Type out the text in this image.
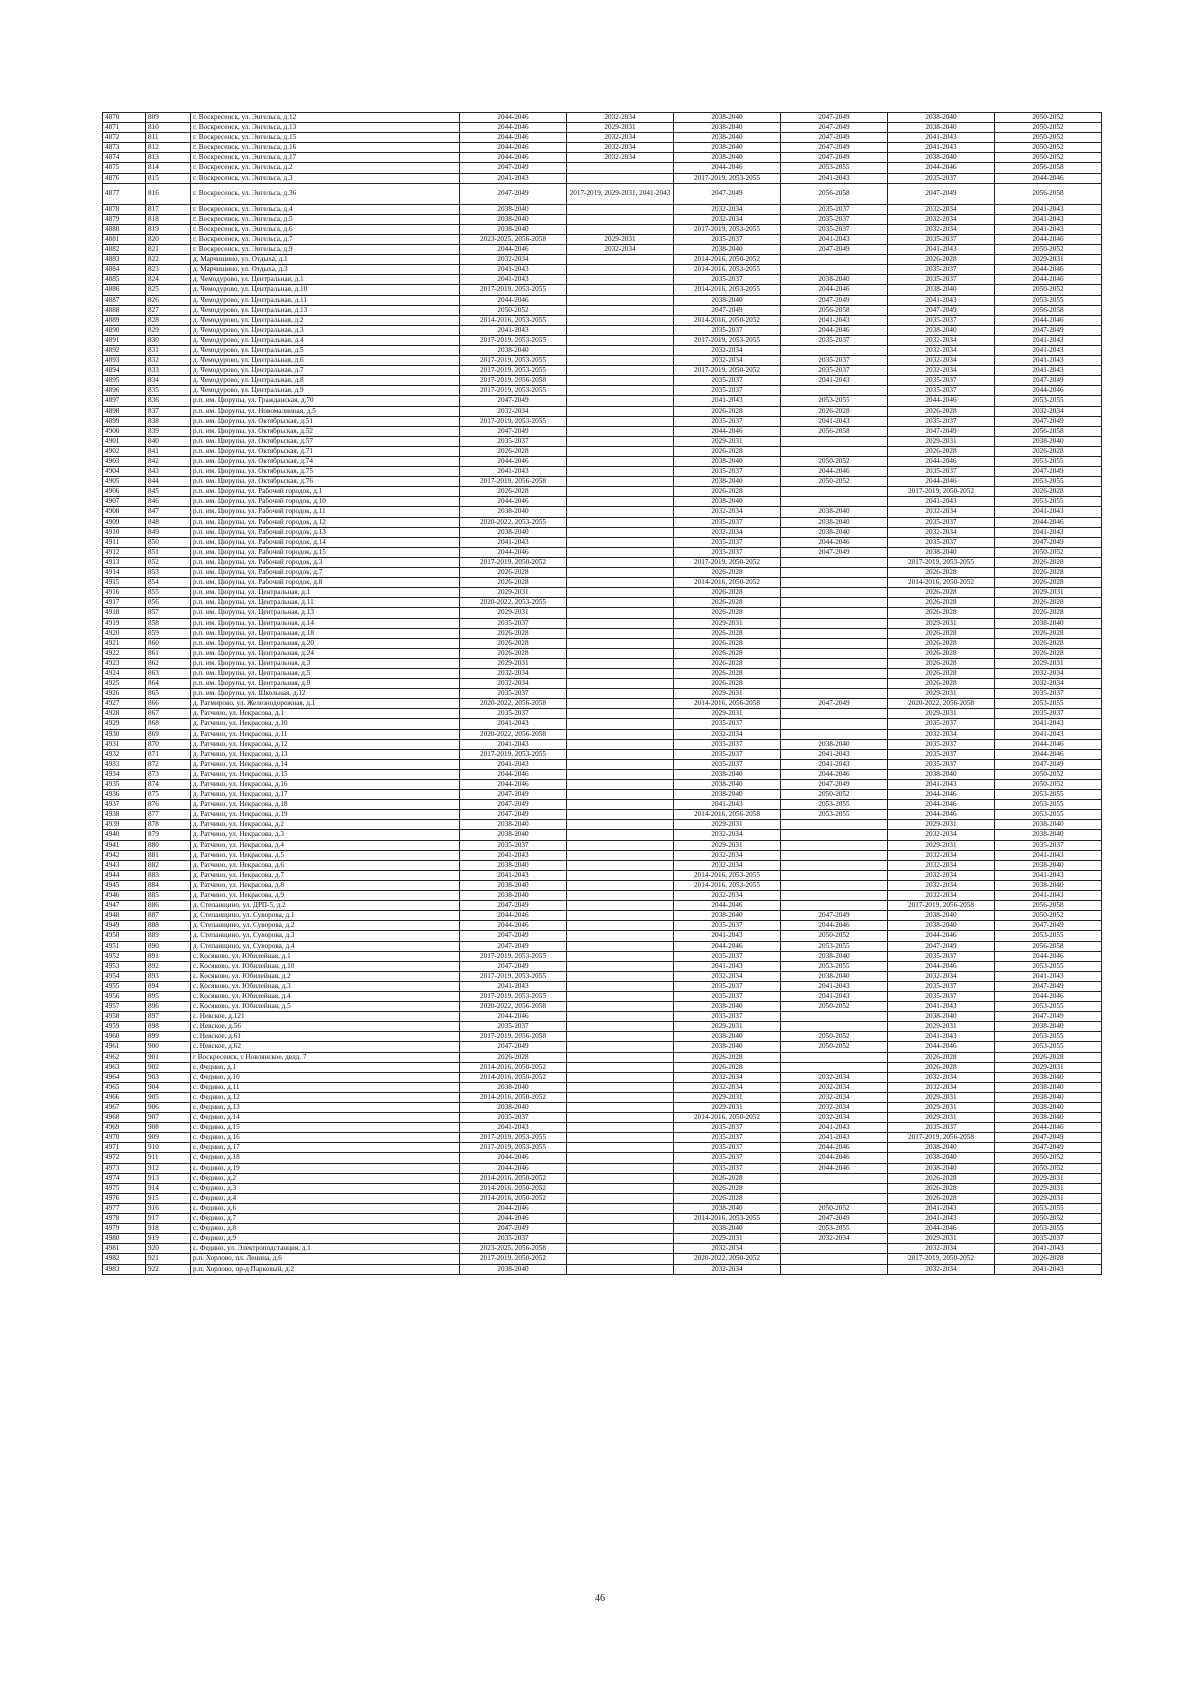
4870	809	г. Воскресенск, ул. Энгельса, д.12	2044-2046	2032-2034	2038-2040	2047-2049	2038-2040	2050-2052
4871	810	г. Воскресенск, ул. Энгельса, д.13	2044-2046	2029-2031	2038-2040	2047-2049	2038-2040	2050-2052
4872	811	г. Воскресенск, ул. Энгельса, д.15	2044-2046	2032-2034	2038-2040	2047-2049	2041-2043	2050-2052
4873	812	г. Воскресенск, ул. Энгельса, д.16	2044-2046	2032-2034	2038-2040	2047-2049	2041-2043	2050-2052
4874	813	г. Воскресенск, ул. Энгельса, д.17	2044-2046	2032-2034	2038-2040	2047-2049	2038-2040	2050-2052
4875	814	г. Воскресенск, ул. Энгельса, д.2	2047-2049		2044-2046	2053-2055	2044-2046	2056-2058
4876	815	г. Воскресенск, ул. Энгельса, д.3	2041-2043		2017-2019, 2053-2055	2041-2043	2035-2037	2044-2046
4877	816	г. Воскресенск, ул. Энгельса, д.36	2047-2049	2017-2019, 2029-2031, 2041-2043	2047-2049	2056-2058	2047-2049	2056-2058
4878	817	г. Воскресенск, ул. Энгельса, д.4	2038-2040		2032-2034	2035-2037	2032-2034	2041-2043
4879	818	г. Воскресенск, ул. Энгельса, д.5	2038-2040		2032-2034	2035-2037	2032-2034	2041-2043
4880	819	г. Воскресенск, ул. Энгельса, д.6	2038-2040		2017-2019, 2053-2055	2035-2037	2032-2034	2041-2043
4881	820	г. Воскресенск, ул. Энгельса, д.7	2023-2025, 2056-2058	2029-2031	2035-2037	2041-2043	2035-2037	2044-2046
4882	821	г. Воскресенск, ул. Энгельса, д.9	2044-2046	2032-2034	2038-2040	2047-2049	2041-2043	2050-2052
4883	822	д. Марчишино, ул. Отдыха, д.1	2032-2034		2014-2016, 2050-2052		2026-2028	2029-2031
4884	823	д. Марчишино, ул. Отдыха, д.3	2041-2043		2014-2016, 2053-2055		2035-2037	2044-2046
4885	824	д. Чемодурово, ул. Центральная, д.1	2041-2043		2035-2037	2038-2040	2035-2037	2044-2046
4886	825	д. Чемодурово, ул. Центральная, д.10	2017-2019, 2053-2055		2014-2016, 2053-2055	2044-2046	2038-2040	2050-2052
4887	826	д. Чемодурово, ул. Центральная, д.11	2044-2046		2038-2040	2047-2049	2041-2043	2053-2055
4888	827	д. Чемодурово, ул. Центральная, д.13	2050-2052		2047-2049	2056-2058	2047-2049	2056-2058
4889	828	д. Чемодурово, ул. Центральная, д.2	2014-2016, 2053-2055		2014-2016, 2050-2052	2041-2043	2035-2037	2044-2046
4890	829	д. Чемодурово, ул. Центральная, д.3	2041-2043		2035-2037	2044-2046	2038-2040	2047-2049
4891	830	д. Чемодурово, ул. Центральная, д.4	2017-2019, 2053-2055		2017-2019, 2053-2055	2035-2037	2032-2034	2041-2043
4892	831	д. Чемодурово, ул. Центральная, д.5	2038-2040		2032-2034		2032-2034	2041-2043
4893	832	д. Чемодурово, ул. Центральная, д.6	2017-2019, 2053-2055		2032-2034	2035-2037	2032-2034	2041-2043
4894	833	д. Чемодурово, ул. Центральная, д.7	2017-2019, 2053-2055		2017-2019, 2050-2052	2035-2037	2032-2034	2041-2043
4895	834	д. Чемодурово, ул. Центральная, д.8	2017-2019, 2056-2058		2035-2037	2041-2043	2035-2037	2047-2049
4896	835	д. Чемодурово, ул. Центральная, д.9	2017-2019, 2053-2055		2035-2037		2035-2037	2044-2046
4897	836	р.п. им. Цюрупы, ул. Гражданская, д.70	2047-2049		2041-2043	2053-2055	2044-2046	2053-2055
4898	837	р.п. им. Цюрупы, ул. Новомалинная, д.5	2032-2034		2026-2028	2026-2028	2026-2028	2032-2034
4899	838	р.п. им. Цюрупы, ул. Октябрьская, д.51	2017-2019, 2053-2055		2035-2037	2041-2043	2035-2037	2047-2049
4900	839	р.п. им. Цюрупы, ул. Октябрьская, д.52	2047-2049		2044-2046	2056-2058	2047-2049	2056-2058
4901	840	р.п. им. Цюрупы, ул. Октябрьская, д.57	2035-2037		2029-2031		2029-2031	2038-2040
4902	841	р.п. им. Цюрупы, ул. Октябрьская, д.71	2026-2028		2026-2028		2026-2028	2026-2028
4903	842	р.п. им. Цюрупы, ул. Октябрьская, д.74	2044-2046		2038-2040	2050-2052	2044-2046	2053-2055
4904	843	р.п. им. Цюрупы, ул. Октябрьская, д.75	2041-2043		2035-2037	2044-2046	2035-2037	2047-2049
4905	844	р.п. им. Цюрупы, ул. Октябрьская, д.76	2017-2019, 2056-2058		2038-2040	2050-2052	2044-2046	2053-2055
4906	845	р.п. им. Цюрупы, ул. Рабочий городок, д.1	2026-2028		2026-2028		2017-2019, 2050-2052	2026-2028
4907	846	р.п. им. Цюрупы, ул. Рабочий городок, д.10	2044-2046		2038-2040		2041-2043	2053-2055
4908	847	р.п. им. Цюрупы, ул. Рабочий городок, д.11	2038-2040		2032-2034	2038-2040	2032-2034	2041-2043
4909	848	р.п. им. Цюрупы, ул. Рабочий городок, д.12	2020-2022, 2053-2055		2035-2037	2038-2040	2035-2037	2044-2046
4910	849	р.п. им. Цюрупы, ул. Рабочий городок, д.13	2038-2040		2032-2034	2038-2040	2032-2034	2041-2043
4911	850	р.п. им. Цюрупы, ул. Рабочий городок, д.14	2041-2043		2035-2037	2044-2046	2035-2037	2047-2049
4912	851	р.п. им. Цюрупы, ул. Рабочий городок, д.15	2044-2046		2035-2037	2047-2049	2038-2040	2050-2052
4913	852	р.п. им. Цюрупы, ул. Рабочий городок, д.3	2017-2019, 2050-2052		2017-2019, 2050-2052		2017-2019, 2053-2055	2026-2028
4914	853	р.п. им. Цюрупы, ул. Рабочий городок, д.7	2026-2028		2026-2028		2026-2028	2026-2028
4915	854	р.п. им. Цюрупы, ул. Рабочий городок, д.8	2026-2028		2014-2016, 2050-2052		2014-2016, 2050-2052	2026-2028
4916	855	р.п. им. Цюрупы, ул. Центральная, д.1	2029-2031		2026-2028		2026-2028	2029-2031
4917	856	р.п. им. Цюрупы, ул. Центральная, д.11	2020-2022, 2053-2055		2026-2028		2026-2028	2026-2028
4918	857	р.п. им. Цюрупы, ул. Центральная, д.13	2029-2031		2026-2028		2026-2028	2026-2028
4919	858	р.п. им. Цюрупы, ул. Центральная, д.14	2035-2037		2029-2031		2029-2031	2038-2040
4920	859	р.п. им. Цюрупы, ул. Центральная, д.18	2026-2028		2026-2028		2026-2028	2026-2028
4921	860	р.п. им. Цюрупы, ул. Центральная, д.20	2026-2028		2026-2028		2026-2028	2026-2028
4922	861	р.п. им. Цюрупы, ул. Центральная, д.24	2026-2028		2026-2028		2026-2028	2026-2028
4923	862	р.п. им. Цюрупы, ул. Центральная, д.3	2029-2031		2026-2028		2026-2028	2029-2031
4924	863	р.п. им. Цюрупы, ул. Центральная, д.5	2032-2034		2026-2028		2026-2028	2032-2034
4925	864	р.п. им. Цюрупы, ул. Центральная, д.9	2032-2034		2026-2028		2026-2028	2032-2034
4926	865	р.п. им. Цюрупы, ул. Школьная, д.12	2035-2037		2029-2031		2029-2031	2035-2037
4927	866	д. Ратмирово, ул. Железнодорожная, д.1	2020-2022, 2056-2058		2014-2016, 2056-2058	2047-2049	2020-2022, 2056-2058	2053-2055
4928	867	д. Ратчино, ул. Некрасова, д.1	2035-2037		2029-2031		2029-2031	2035-2037
4929	868	д. Ратчино, ул. Некрасова, д.10	2041-2043		2035-2037		2035-2037	2041-2043
4930	869	д. Ратчино, ул. Некрасова, д.11	2020-2022, 2056-2058		2032-2034		2032-2034	2041-2043
4931	870	д. Ратчино, ул. Некрасова, д.12	2041-2043		2035-2037	2038-2040	2035-2037	2044-2046
4932	871	д. Ратчино, ул. Некрасова, д.13	2017-2019, 2053-2055		2035-2037	2041-2043	2035-2037	2044-2046
4933	872	д. Ратчино, ул. Некрасова, д.14	2041-2043		2035-2037	2041-2043	2035-2037	2047-2049
4934	873	д. Ратчино, ул. Некрасова, д.15	2044-2046		2038-2040	2044-2046	2038-2040	2050-2052
4935	874	д. Ратчино, ул. Некрасова, д.16	2044-2046		2038-2040	2047-2049	2041-2043	2050-2052
4936	875	д. Ратчино, ул. Некрасова, д.17	2047-2049		2038-2040	2050-2052	2044-2046	2053-2055
4937	876	д. Ратчино, ул. Некрасова, д.18	2047-2049		2041-2043	2053-2055	2044-2046	2053-2055
4938	877	д. Ратчино, ул. Некрасова, д.19	2047-2049		2014-2016, 2056-2058	2053-2055	2044-2046	2053-2055
4939	878	д. Ратчино, ул. Некрасова, д.2	2038-2040		2029-2031		2029-2031	2038-2040
4940	879	д. Ратчино, ул. Некрасова, д.3	2038-2040		2032-2034		2032-2034	2038-2040
4941	880	д. Ратчино, ул. Некрасова, д.4	2035-2037		2029-2031		2029-2031	2035-2037
4942	881	д. Ратчино, ул. Некрасова, д.5	2041-2043		2032-2034		2032-2034	2041-2043
4943	882	д. Ратчино, ул. Некрасова, д.6	2038-2040		2032-2034		2032-2034	2038-2040
4944	883	д. Ратчино, ул. Некрасова, д.7	2041-2043		2014-2016, 2053-2055		2032-2034	2041-2043
4945	884	д. Ратчино, ул. Некрасова, д.8	2038-2040		2014-2016, 2053-2055		2032-2034	2038-2040
4946	885	д. Ратчино, ул. Некрасова, д.9	2038-2040		2032-2034		2032-2034	2041-2043
4947	886	д. Степанщино, ул. ДРП-5, д.2	2047-2049		2044-2046		2017-2019, 2056-2058	2056-2058
4948	887	д. Степанщино, ул. Суворова, д.1	2044-2046		2038-2040	2047-2049	2038-2040	2050-2052
4949	888	д. Степанщино, ул. Суворова, д.2	2044-2046		2035-2037	2044-2046	2038-2040	2047-2049
4950	889	д. Степанщино, ул. Суворова, д.3	2047-2049		2041-2043	2050-2052	2044-2046	2053-2055
4951	890	д. Степанщино, ул. Суворова, д.4	2047-2049		2044-2046	2053-2055	2047-2049	2056-2058
4952	891	с. Косяково, ул. Юбилейная, д.1	2017-2019, 2053-2055		2035-2037	2038-2040	2035-2037	2044-2046
4953	892	с. Косяково, ул. Юбилейная, д.10	2047-2049		2041-2043	2053-2055	2044-2046	2053-2055
4954	893	с. Косяково, ул. Юбилейная, д.2	2017-2019, 2053-2055		2032-2034	2038-2040	2032-2034	2041-2043
4955	894	с. Косяково, ул. Юбилейная, д.3	2041-2043		2035-2037	2041-2043	2035-2037	2047-2049
4956	895	с. Косяково, ул. Юбилейная, д.4	2017-2019, 2053-2055		2035-2037	2041-2043	2035-2037	2044-2046
4957	896	с. Косяково, ул. Юбилейная, д.5	2020-2022, 2056-2058		2038-2040	2050-2052	2041-2043	2053-2055
4958	897	с. Невское, д.121	2044-2046		2035-2037		2038-2040	2047-2049
4959	898	с. Невское, д.56	2035-2037		2029-2031		2029-2031	2038-2040
4960	899	с. Невское, д.61	2017-2019, 2056-2058		2038-2040	2050-2052	2041-2043	2053-2055
4961	900	с. Невское, д.62	2047-2049		2038-2040	2050-2052	2044-2046	2053-2055
4962	901	г Воскресенск, с Новлянское, двлд. 7	2026-2028		2026-2028		2026-2028	2026-2028
4963	902	с. Федино, д.1	2014-2016, 2050-2052		2026-2028		2026-2028	2029-2031
4964	903	с. Федино, д.10	2014-2016, 2050-2052		2032-2034	2032-2034	2032-2034	2038-2040
4965	904	с. Федино, д.11	2038-2040		2032-2034	2032-2034	2032-2034	2038-2040
4966	905	с. Федино, д.12	2014-2016, 2050-2052		2029-2031	2032-2034	2029-2031	2038-2040
4967	906	с. Федино, д.13	2038-2040		2029-2031	2032-2034	2029-2031	2038-2040
4968	907	с. Федино, д.14	2035-2037		2014-2016, 2050-2052	2032-2034	2029-2031	2038-2040
4969	908	с. Федино, д.15	2041-2043		2035-2037	2041-2043	2035-2037	2044-2046
4970	909	с. Федино, д.16	2017-2019, 2053-2055		2035-2037	2041-2043	2017-2019, 2056-2058	2047-2049
4971	910	с. Федино, д.17	2017-2019, 2053-2055		2035-2037	2044-2046	2038-2040	2047-2049
4972	911	с. Федино, д.18	2044-2046		2035-2037	2044-2046	2038-2040	2050-2052
4973	912	с. Федино, д.19	2044-2046		2035-2037	2044-2046	2038-2040	2050-2052
4974	913	с. Федино, д.2	2014-2016, 2050-2052		2026-2028		2026-2028	2029-2031
4975	914	с. Федино, д.3	2014-2016, 2050-2052		2026-2028		2026-2028	2029-2031
4976	915	с. Федино, д.4	2014-2016, 2050-2052		2026-2028		2026-2028	2029-2031
4977	916	с. Федино, д.6	2044-2046		2038-2040	2050-2052	2041-2043	2053-2055
4978	917	с. Федино, д.7	2044-2046		2014-2016, 2053-2055	2047-2049	2041-2043	2050-2052
4979	918	с. Федино, д.8	2047-2049		2038-2040	2053-2055	2044-2046	2053-2055
4980	919	с. Федино, д.9	2035-2037		2029-2031	2032-2034	2029-2031	2035-2037
4981	920	с. Федино, ул. Электроподстанция, д.1	2023-2025, 2056-2058		2032-2034		2032-2034	2041-2043
4982	921	р.п. Хорлово, пл. Ленина, д.6	2017-2019, 2050-2052		2020-2022, 2050-2052		2017-2019, 2050-2052	2026-2028
4983	922	р.п. Хорлово, пр-д Парковый, д.2	2038-2040		2032-2034		2032-2034	2041-2043
46
